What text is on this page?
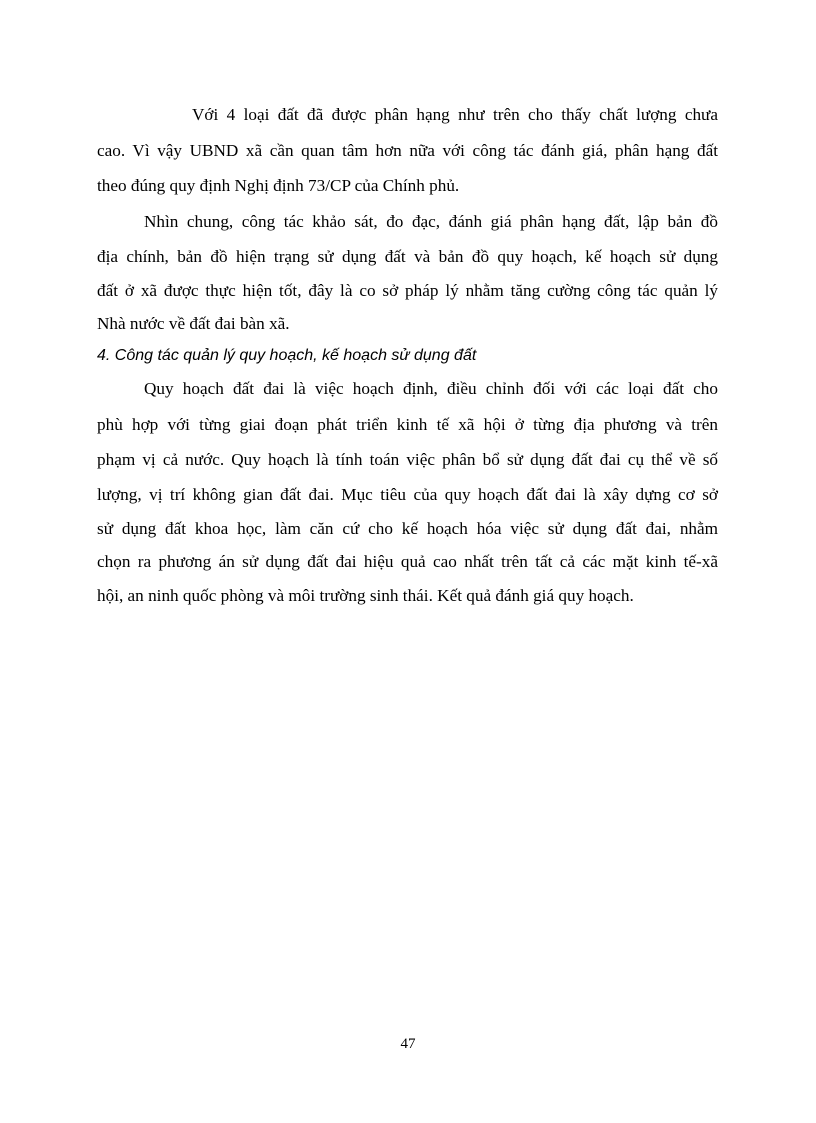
Với 4 loại đất đã được phân hạng như trên cho thấy chất lượng chưa
cao. Vì vậy UBND xã cần quan tâm hơn nữa với công tác đánh giá, phân hạng đất
theo đúng quy định Nghị định 73/CP của Chính phủ.
Nhìn chung, công tác khảo sát, đo đạc, đánh giá phân hạng đất, lập bản đồ
địa chính, bản đồ hiện trạng sử dụng đất và bản đồ quy hoạch, kế hoạch sử dụng
đất ở xã được thực hiện tốt, đây là co sở pháp lý nhằm tăng cường công tác quản lý
Nhà nước về đất đai bàn xã.
4. Công tác quản lý quy hoạch, kế hoạch sử dụng đất
Quy hoạch đất đai là việc hoạch định, điều chỉnh đối với các loại đất cho
phù hợp với từng giai đoạn phát triển kinh tế xã hội ở từng địa phương và trên
phạm vị cả nước. Quy hoạch là tính toán việc phân bổ sử dụng đất đai cụ thể về số
lượng, vị trí không gian đất đai. Mục tiêu của quy hoạch đất đai là xây dựng cơ sở
sử dụng đất khoa học, làm căn cứ cho kế hoạch hóa việc sử dụng đất đai, nhằm
chọn ra phương án sử dụng đất đai hiệu quả cao nhất trên tất cả các mặt kinh tế-xã
hội, an ninh quốc phòng và môi trường sinh thái. Kết quả đánh giá quy hoạch.
47
